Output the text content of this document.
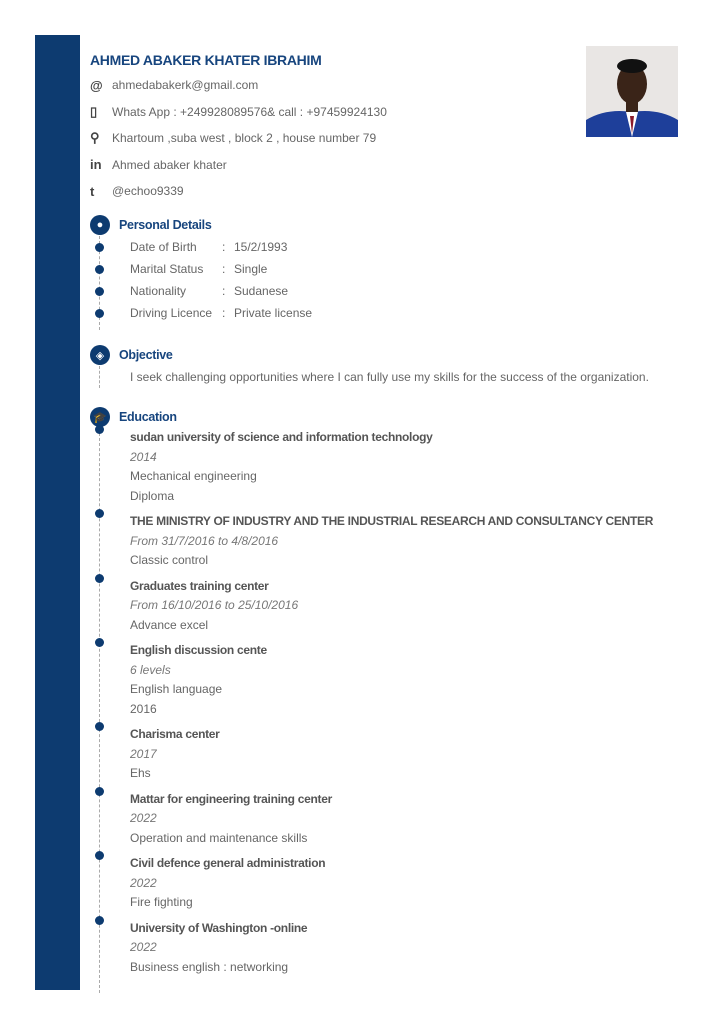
AHMED ABAKER KHATER IBRAHIM
@ ahmedabakerk@gmail.com
▯	Whats App : +249928089576& call : +97459924130
⚲	Khartoum ,suba west , block 2 , house number 79
in Ahmed abaker khater
t	@echoo9339
●	Personal Details
Date of Birth	: 15/2/1993
Marital Status	: Single
Nationality	: Sudanese
Driving Licence : Private license
◈	Objective
I seek challenging opportunities where I can fully use my skills for the success of the organization.
🎓 Education
sudan university of science and information technology
2014
Mechanical engineering
Diploma
THE MINISTRY OF INDUSTRY AND THE INDUSTRIAL RESEARCH AND CONSULTANCY CENTER
From 31/7/2016 to 4/8/2016
Classic control
Graduates training center
From 16/10/2016 to 25/10/2016
Advance excel
English discussion cente
6 levels
English language
2016
Charisma center
2017
Ehs
Mattar for engineering training center
2022
Operation and maintenance skills
Civil defence general administration
2022
Fire fighting
University of Washington -online
2022
Business english : networking
